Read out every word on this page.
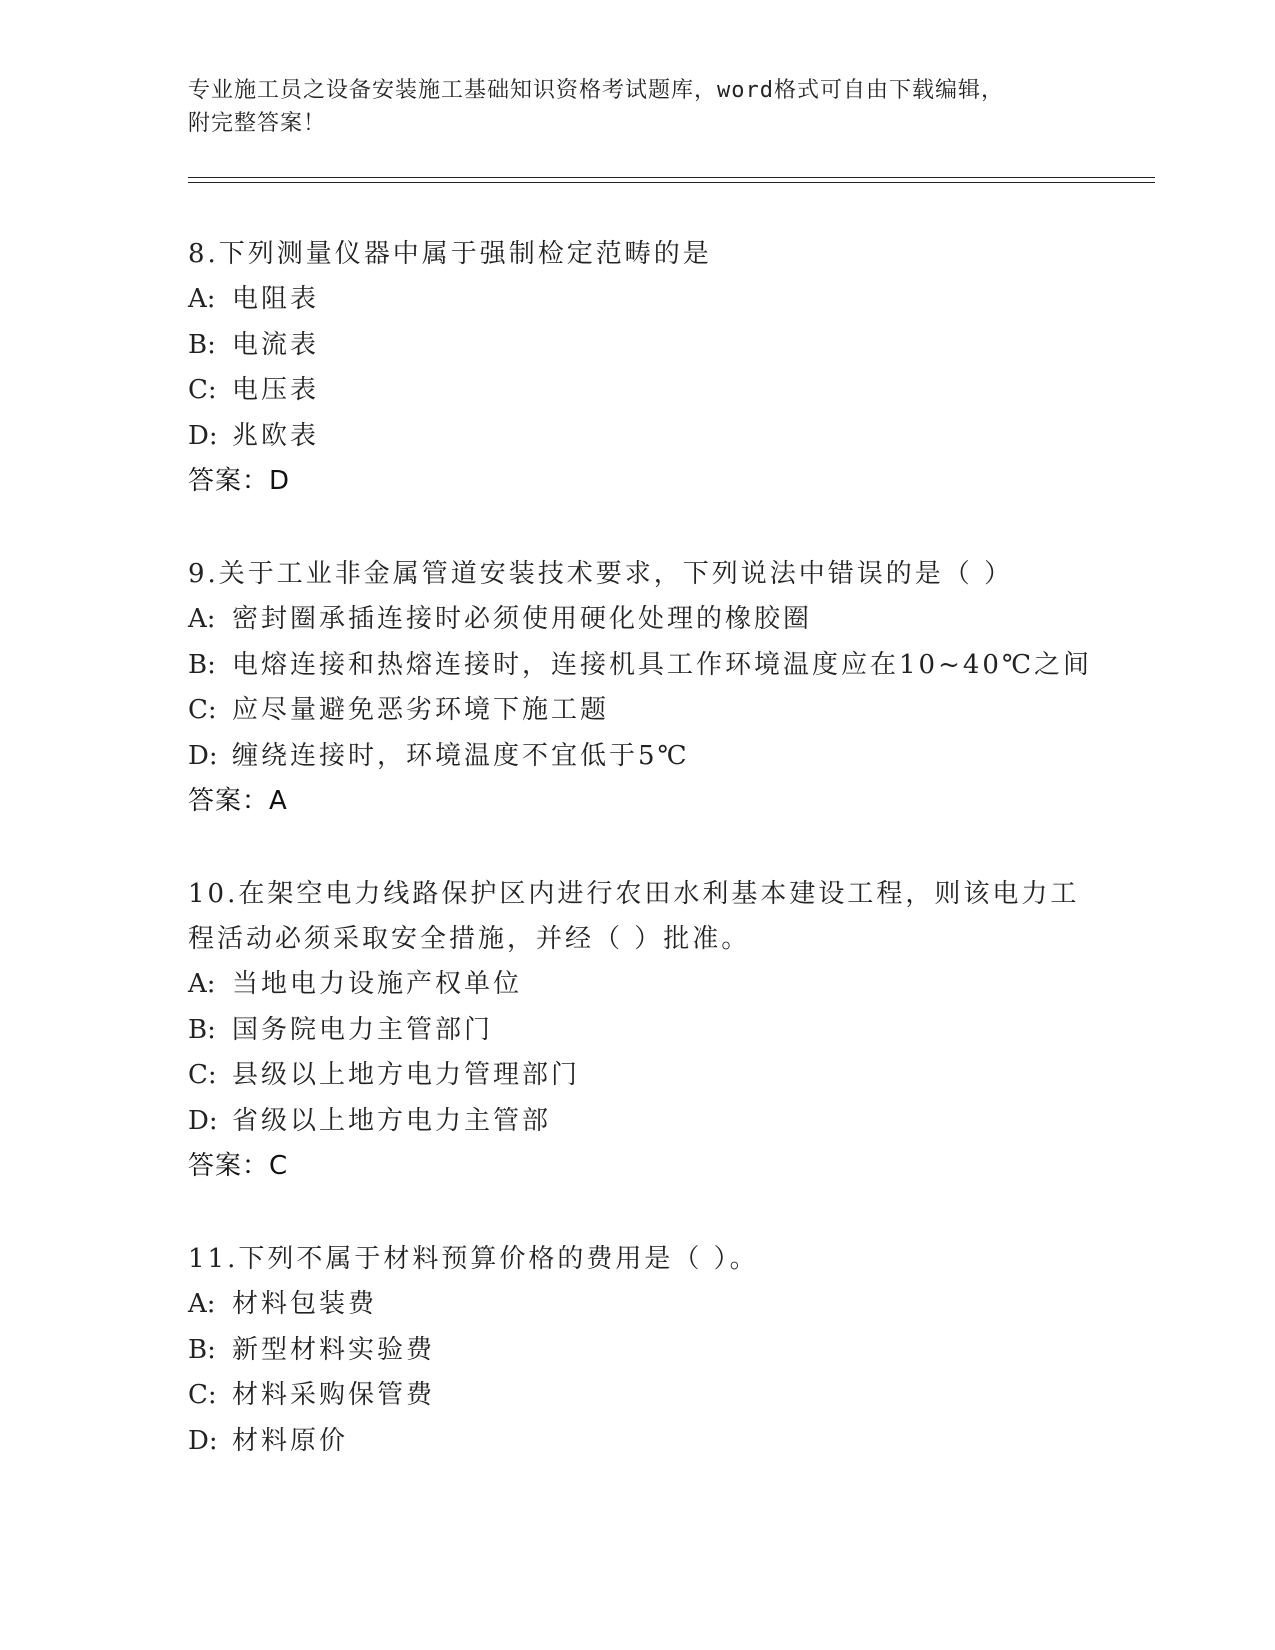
专业施工员之设备安装施工基础知识资格考试题库，word格式可自由下载编辑，

附完整答案！

8.下列测量仪器中属于强制检定范畴的是

A: 电阻表

B: 电流表

C: 电压表

D: 兆欧表

答案：D

9.关于工业非金属管道安装技术要求，下列说法中错误的是（ ）

A: 密封圈承插连接时必须使用硬化处理的橡胶圈

B: 电熔连接和热熔连接时，连接机具工作环境温度应在10~40℃之间

C: 应尽量避免恶劣环境下施工题

D: 缠绕连接时，环境温度不宜低于5℃

答案：A

10.在架空电力线路保护区内进行农田水利基本建设工程，则该电力工程活动必须采取安全措施，并经（ ）批准。

A: 当地电力设施产权单位

B: 国务院电力主管部门

C: 县级以上地方电力管理部门

D: 省级以上地方电力主管部

答案：C

11.下列不属于材料预算价格的费用是（ ）。

A: 材料包装费

B: 新型材料实验费

C: 材料采购保管费

D: 材料原价
